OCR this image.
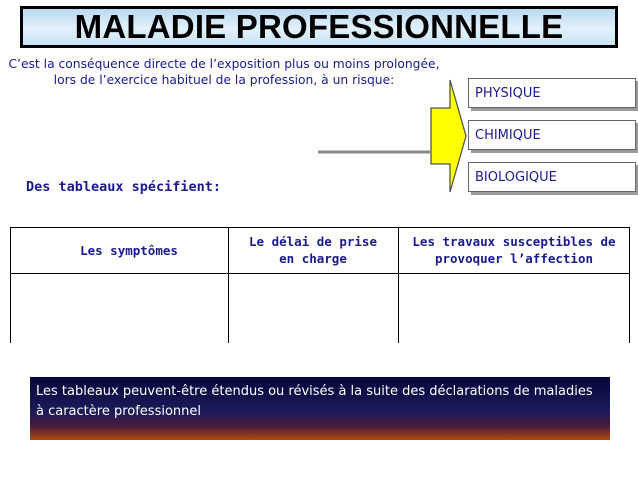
MALADIE PROFESSIONNELLE
C’est la conséquence directe de l’exposition plus ou moins prolongée, lors de l’exercice habituel de la profession, à un risque:
PHYSIQUE
CHIMIQUE
BIOLOGIQUE
Des tableaux spécifient:
Les symptômes
Le délai de prise en charge
Les travaux susceptibles de provoquer l’affection
Les tableaux peuvent-être étendus ou révisés à la suite des déclarations de maladies à caractère professionnel
